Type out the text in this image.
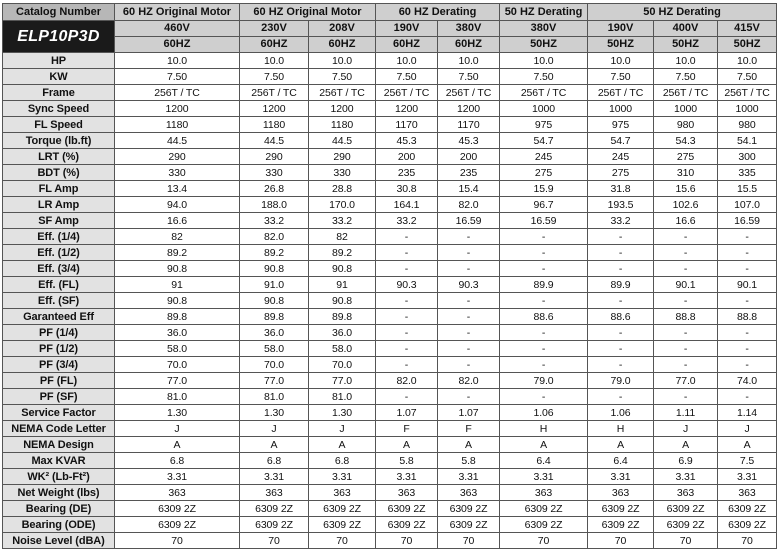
Catalog Number	60 HZ Original Motor	60 HZ Original Motor		60 HZ Derating		50 HZ Derating	50 HZ Derating		
ELP10P3D	460V	230V	208V	190V	380V	380V	190V	400V	415V
	60HZ	60HZ	60HZ	60HZ	60HZ	50HZ	50HZ	50HZ	50HZ
HP	10.0	10.0	10.0	10.0	10.0	10.0	10.0	10.0	10.0
KW	7.50	7.50	7.50	7.50	7.50	7.50	7.50	7.50	7.50
Frame	256T / TC	256T / TC	256T / TC	256T / TC	256T / TC	256T / TC	256T / TC	256T / TC	256T / TC
Sync Speed	1200	1200	1200	1200	1200	1000	1000	1000	1000
FL Speed	1180	1180	1180	1170	1170	975	975	980	980
Torque (lb.ft)	44.5	44.5	44.5	45.3	45.3	54.7	54.7	54.3	54.1
LRT (%)	290	290	290	200	200	245	245	275	300
BDT (%)	330	330	330	235	235	275	275	310	335
FL Amp	13.4	26.8	28.8	30.8	15.4	15.9	31.8	15.6	15.5
LR Amp	94.0	188.0	170.0	164.1	82.0	96.7	193.5	102.6	107.0
SF Amp	16.6	33.2	33.2	33.2	16.59	16.59	33.2	16.6	16.59
Eff. (1/4)	82	82.0	82	-	-	-	-	-	-
Eff. (1/2)	89.2	89.2	89.2	-	-	-	-	-	-
Eff. (3/4)	90.8	90.8	90.8	-	-	-	-	-	-
Eff. (FL)	91	91.0	91	90.3	90.3	89.9	89.9	90.1	90.1
Eff. (SF)	90.8	90.8	90.8	-	-	-	-	-	-
Garanteed Eff	89.8	89.8	89.8	-	-	88.6	88.6	88.8	88.8
PF (1/4)	36.0	36.0	36.0	-	-	-	-	-	-
PF (1/2)	58.0	58.0	58.0	-	-	-	-	-	-
PF (3/4)	70.0	70.0	70.0	-	-	-	-	-	-
PF (FL)	77.0	77.0	77.0	82.0	82.0	79.0	79.0	77.0	74.0
PF (SF)	81.0	81.0	81.0	-	-	-	-	-	-
Service Factor	1.30	1.30	1.30	1.07	1.07	1.06	1.06	1.11	1.14
NEMA Code Letter	J	J	J	F	F	H	H	J	J
NEMA Design	A	A	A	A	A	A	A	A	A
Max KVAR	6.8	6.8	6.8	5.8	5.8	6.4	6.4	6.9	7.5
WK² (Lb-Ft²)	3.31	3.31	3.31	3.31	3.31	3.31	3.31	3.31	3.31
Net Weight (lbs)	363	363	363	363	363	363	363	363	363
Bearing (DE)	6309 2Z	6309 2Z	6309 2Z	6309 2Z	6309 2Z	6309 2Z	6309 2Z	6309 2Z	6309 2Z
Bearing (ODE)	6309 2Z	6309 2Z	6309 2Z	6309 2Z	6309 2Z	6309 2Z	6309 2Z	6309 2Z	6309 2Z
Noise Level (dBA)	70	70	70	70	70	70	70	70	70
